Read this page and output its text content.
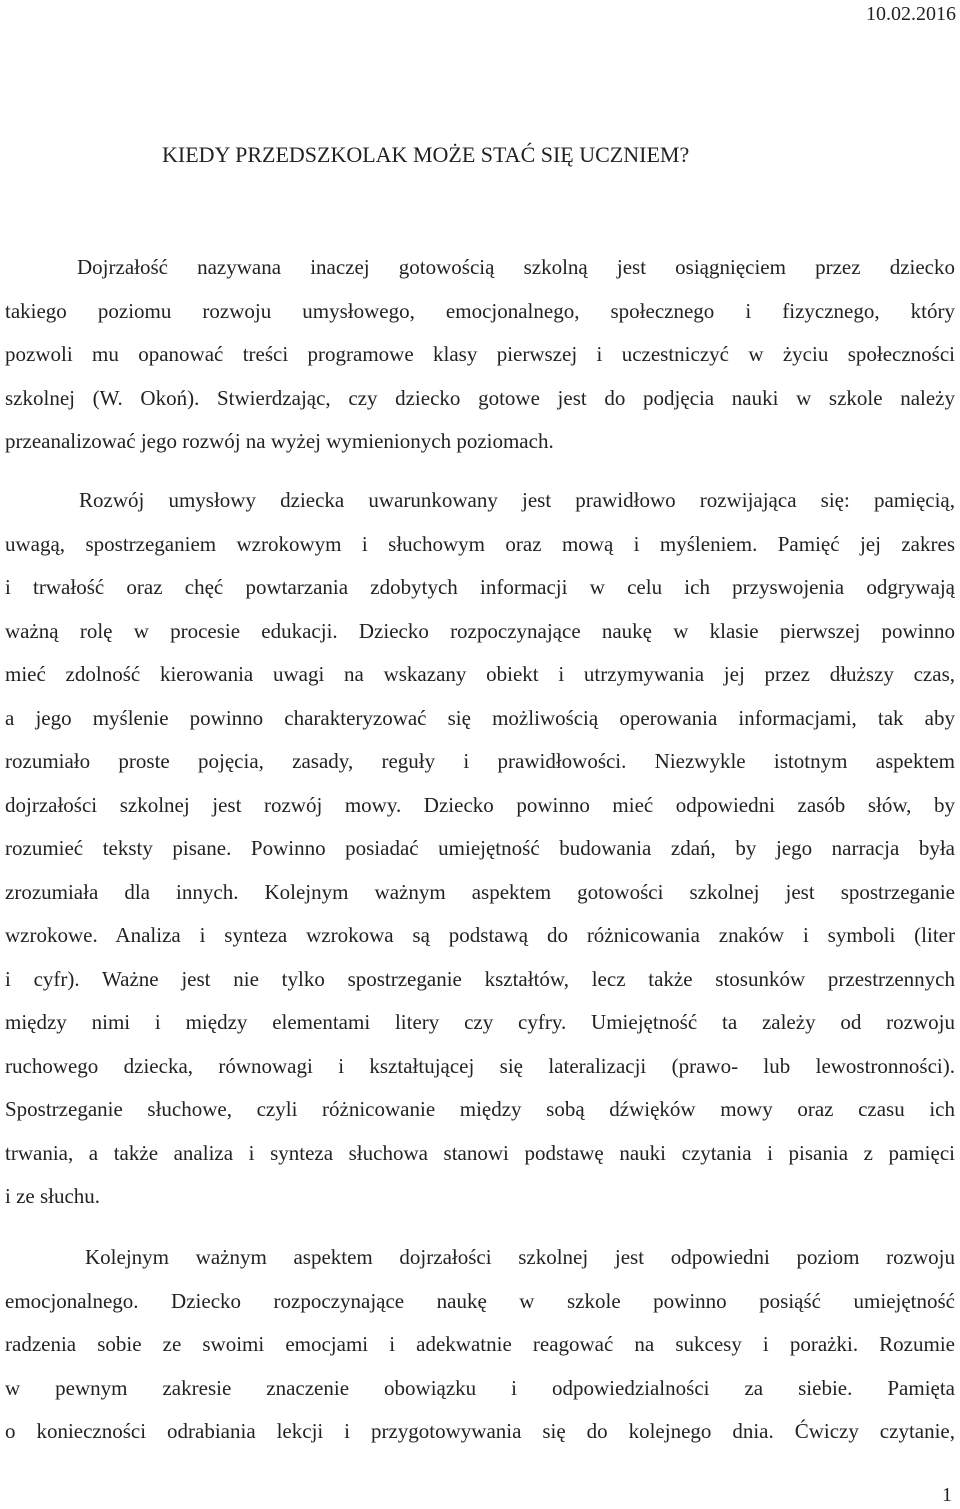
10.02.2016
KIEDY PRZEDSZKOLAK MOŻE STAĆ SIĘ UCZNIEM?
Dojrzałość nazywana inaczej gotowością szkolną jest osiągnięciem przez dziecko
takiego poziomu rozwoju umysłowego, emocjonalnego, społecznego i fizycznego, który
pozwoli mu opanować treści programowe klasy pierwszej i uczestniczyć w życiu społeczności
szkolnej (W. Okoń). Stwierdzając, czy dziecko gotowe jest do podjęcia nauki w szkole należy
przeanalizować jego rozwój na wyżej wymienionych poziomach.
Rozwój umysłowy dziecka uwarunkowany jest prawidłowo rozwijająca się: pamięcią,
uwagą, spostrzeganiem wzrokowym i słuchowym oraz mową i myśleniem. Pamięć jej zakres
i trwałość oraz chęć powtarzania zdobytych informacji w celu ich przyswojenia odgrywają
ważną rolę w procesie edukacji. Dziecko rozpoczynające naukę w klasie pierwszej powinno
mieć zdolność kierowania uwagi na wskazany obiekt i utrzymywania jej przez dłuższy czas,
a jego myślenie powinno charakteryzować się możliwością operowania informacjami, tak aby
rozumiało proste pojęcia, zasady, reguły i prawidłowości. Niezwykle istotnym aspektem
dojrzałości szkolnej jest rozwój mowy. Dziecko powinno mieć odpowiedni zasób słów, by
rozumieć teksty pisane. Powinno posiadać umiejętność budowania zdań, by jego narracja była
zrozumiała dla innych. Kolejnym ważnym aspektem gotowości szkolnej jest spostrzeganie
wzrokowe. Analiza i synteza wzrokowa są podstawą do różnicowania znaków i symboli (liter
i cyfr). Ważne jest nie tylko spostrzeganie kształtów, lecz także stosunków przestrzennych
między nimi i między elementami litery czy cyfry. Umiejętność ta zależy od rozwoju
ruchowego dziecka, równowagi i kształtującej się lateralizacji (prawo- lub lewostronności).
Spostrzeganie słuchowe, czyli różnicowanie między sobą dźwięków mowy oraz czasu ich
trwania, a także analiza i synteza słuchowa stanowi podstawę nauki czytania i pisania z pamięci
i ze słuchu.
Kolejnym ważnym aspektem dojrzałości szkolnej jest odpowiedni poziom rozwoju
emocjonalnego. Dziecko rozpoczynające naukę w szkole powinno posiąść umiejętność
radzenia sobie ze swoimi emocjami i adekwatnie reagować na sukcesy i porażki. Rozumie
w pewnym zakresie znaczenie obowiązku i odpowiedzialności za siebie. Pamięta
o konieczności odrabiania lekcji i przygotowywania się do kolejnego dnia. Ćwiczy czytanie,
1
